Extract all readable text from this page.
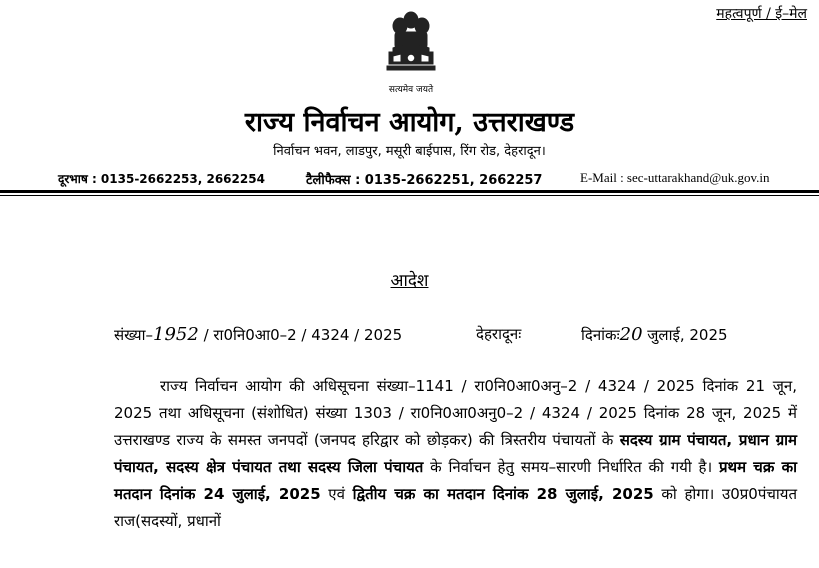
महत्वपूर्ण / ई–मेल
सत्यमेव जयते
राज्य निर्वाचन आयोग, उत्तराखण्ड
निर्वाचन भवन, लाडपुर, मसूरी बाईपास, रिंग रोड, देहरादून।
दूरभाष : 0135-2662253, 2662254	टैलीफैक्स : 0135-2662251, 2662257	E-Mail : sec-uttarakhand@uk.gov.in
आदेश
संख्या–1952 / रा0नि0आ0–2 / 4324 / 2025	देहरादूनः	दिनांकः20 जुलाई, 2025
राज्य निर्वाचन आयोग की अधिसूचना संख्या–1141 / रा0नि0आ0अनु–2 / 4324 / 2025 दिनांक 21 जून, 2025 तथा अधिसूचना (संशोधित) संख्या 1303 / रा0नि0आ0अनु0–2 / 4324 / 2025 दिनांक 28 जून, 2025 में उत्तराखण्ड राज्य के समस्त जनपदों (जनपद हरिद्वार को छोड़कर) की त्रिस्तरीय पंचायतों के सदस्य ग्राम पंचायत, प्रधान ग्राम पंचायत, सदस्य क्षेत्र पंचायत तथा सदस्य जिला पंचायत के निर्वाचन हेतु समय–सारणी निर्धारित की गयी है। प्रथम चक्र का मतदान दिनांक 24 जुलाई, 2025 एवं द्वितीय चक्र का मतदान दिनांक 28 जुलाई, 2025 को होगा। उ0प्र0पंचायत राज(सदस्यों, प्रधानों
